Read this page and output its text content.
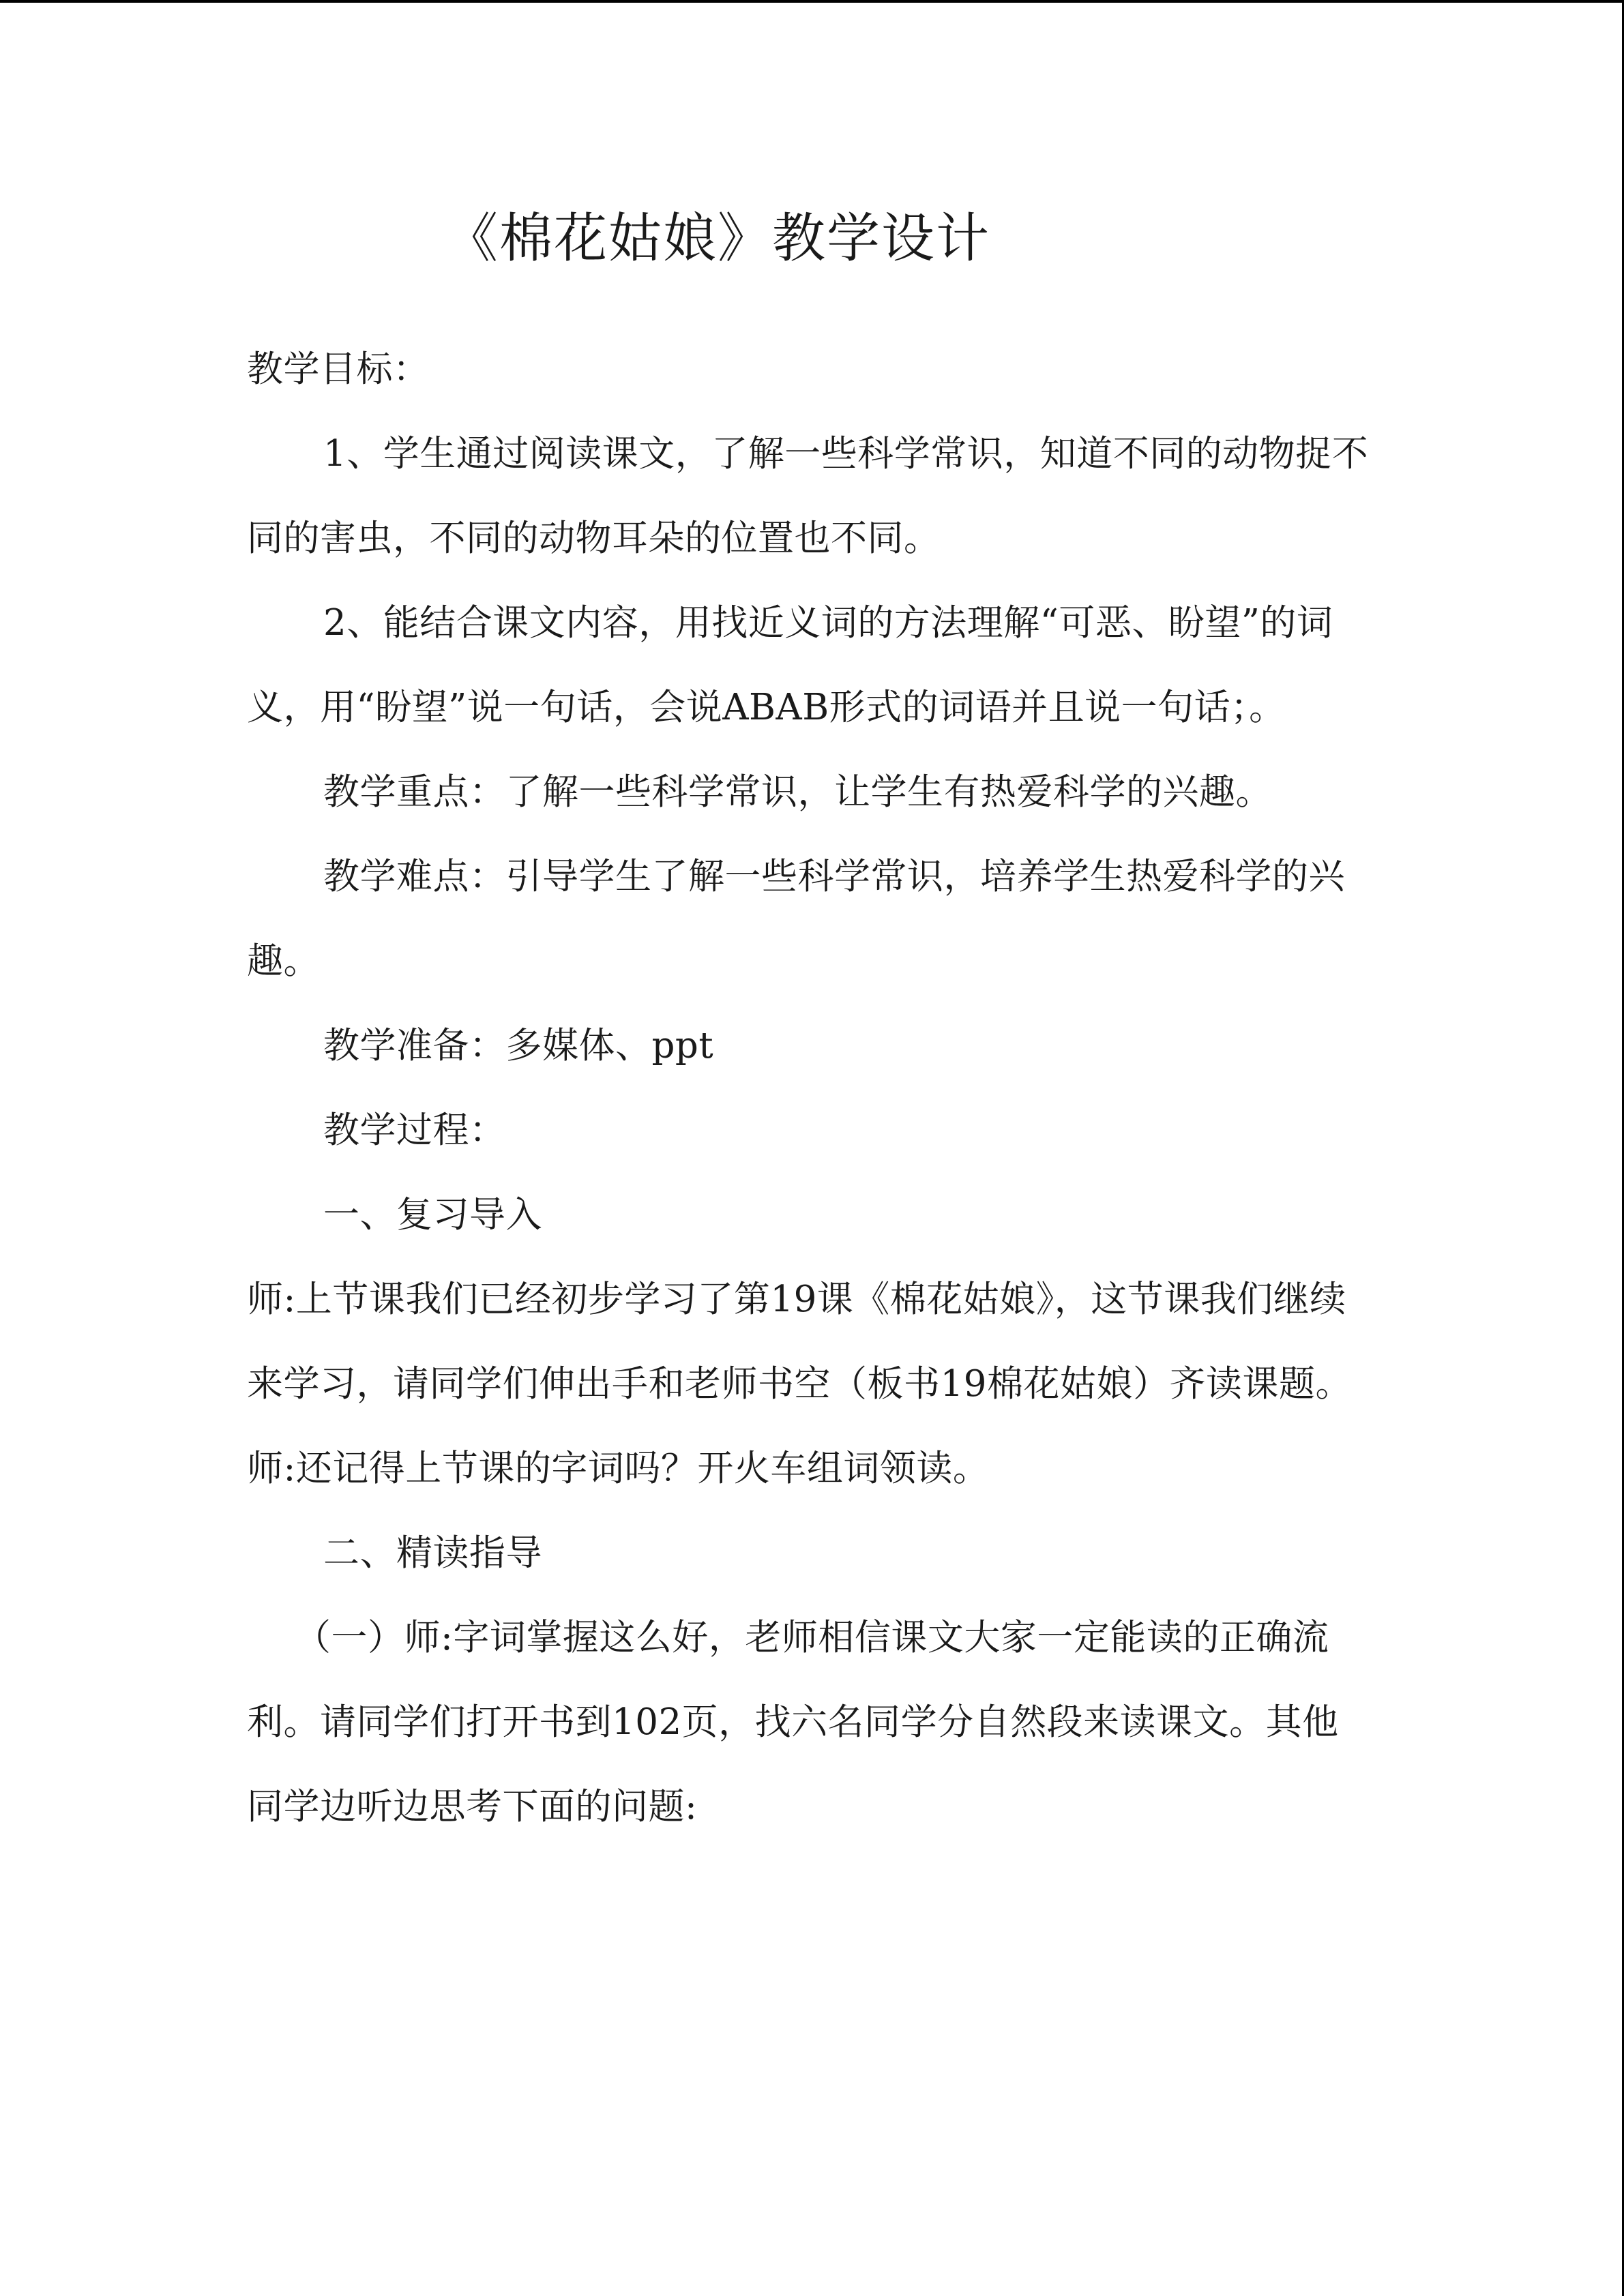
《棉花姑娘》教学设计

教学目标：

1、学生通过阅读课文，了解一些科学常识，知道不同的动物捉不同的害虫，不同的动物耳朵的位置也不同。

2、能结合课文内容，用找近义词的方法理解“可恶、盼望”的词义，用“盼望”说一句话，会说ABAB形式的词语并且说一句话；。

教学重点：了解一些科学常识，让学生有热爱科学的兴趣。

教学难点：引导学生了解一些科学常识，培养学生热爱科学的兴趣。

教学准备：多媒体、ppt

教学过程：

一、复习导入

师:上节课我们已经初步学习了第19课《棉花姑娘》，这节课我们继续来学习，请同学们伸出手和老师书空（板书19棉花姑娘）齐读课题。

师:还记得上节课的字词吗？开火车组词领读。

二、精读指导

（一）师:字词掌握这么好，老师相信课文大家一定能读的正确流利。请同学们打开书到102页，找六名同学分自然段来读课文。其他同学边听边思考下面的问题:
